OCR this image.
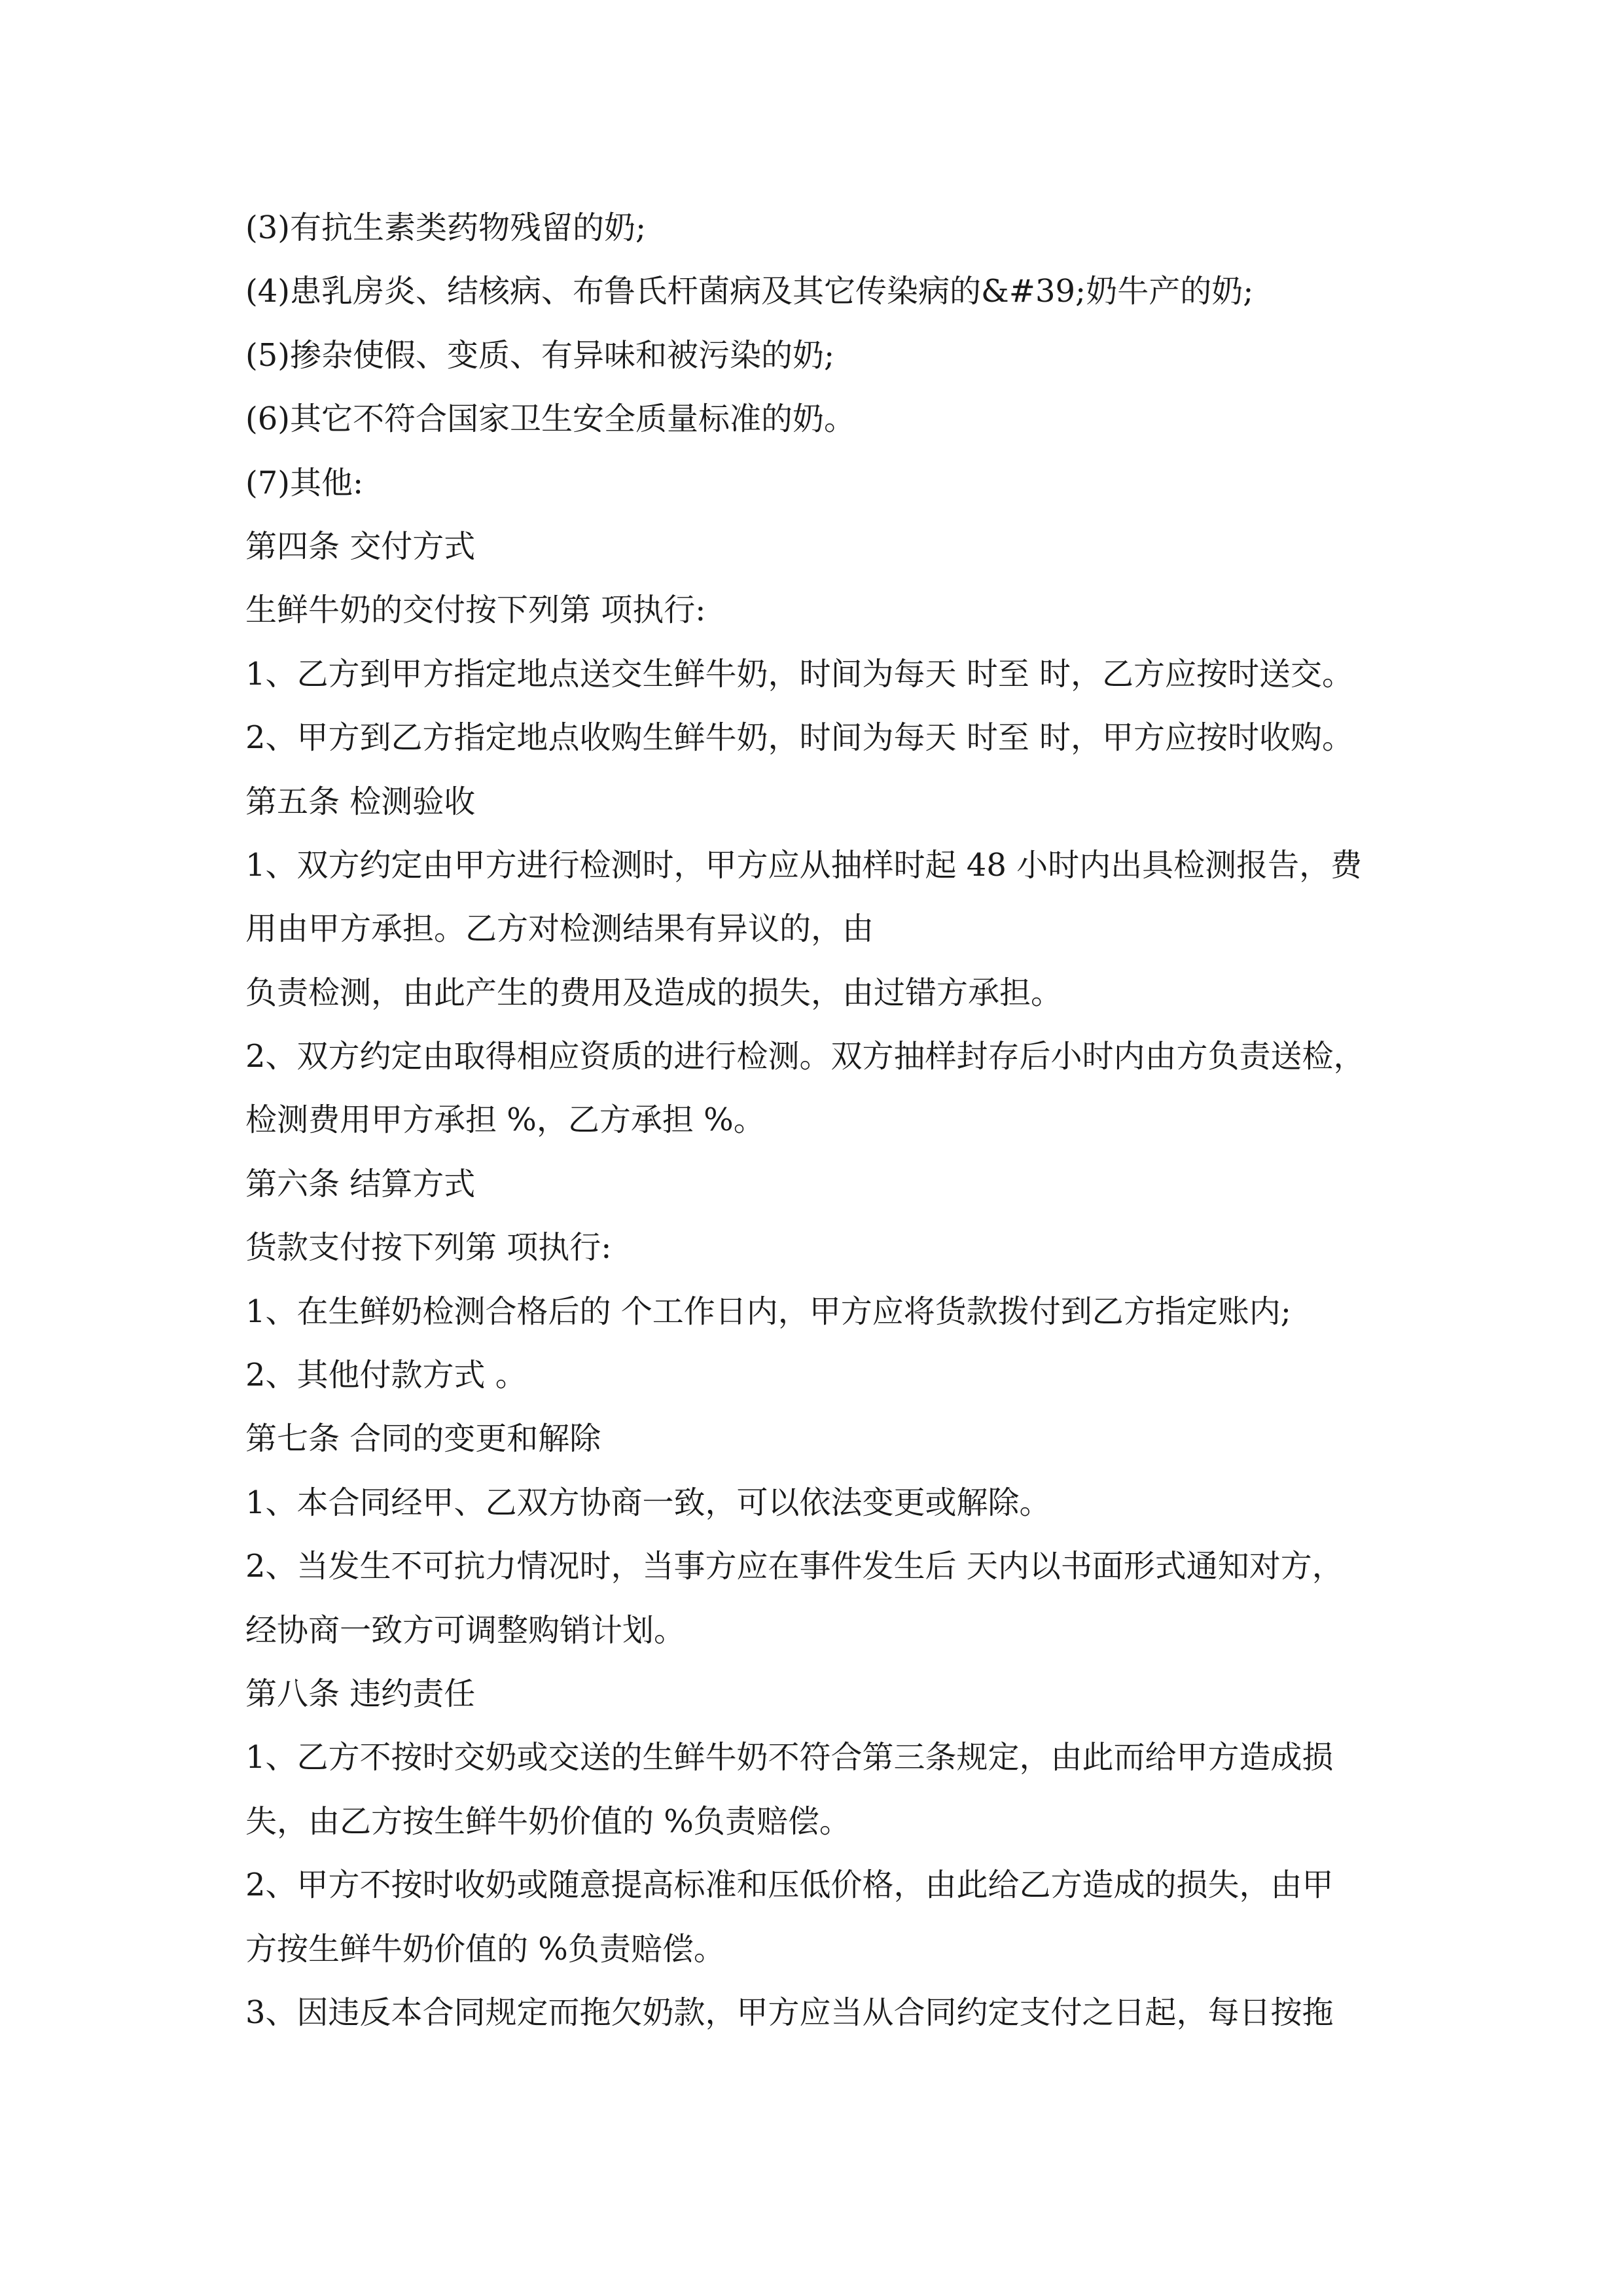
(3)有抗生素类药物残留的奶;
(4)患乳房炎、结核病、布鲁氏杆菌病及其它传染病的&#39;奶牛产的奶;
(5)掺杂使假、变质、有异味和被污染的奶;
(6)其它不符合国家卫生安全质量标准的奶。
(7)其他:
第四条 交付方式
生鲜牛奶的交付按下列第 项执行:
1、乙方到甲方指定地点送交生鲜牛奶，时间为每天 时至 时，乙方应按时送交。
2、甲方到乙方指定地点收购生鲜牛奶，时间为每天 时至 时，甲方应按时收购。
第五条 检测验收
1、双方约定由甲方进行检测时，甲方应从抽样时起 48 小时内出具检测报告，费
用由甲方承担。乙方对检测结果有异议的，由
负责检测，由此产生的费用及造成的损失，由过错方承担。
2、双方约定由取得相应资质的进行检测。双方抽样封存后小时内由方负责送检，
检测费用甲方承担 %，乙方承担 %。
第六条 结算方式
货款支付按下列第 项执行:
1、在生鲜奶检测合格后的 个工作日内，甲方应将货款拨付到乙方指定账内;
2、其他付款方式 。
第七条 合同的变更和解除
1、本合同经甲、乙双方协商一致，可以依法变更或解除。
2、当发生不可抗力情况时，当事方应在事件发生后 天内以书面形式通知对方，
经协商一致方可调整购销计划。
第八条 违约责任
1、乙方不按时交奶或交送的生鲜牛奶不符合第三条规定，由此而给甲方造成损
失，由乙方按生鲜牛奶价值的 %负责赔偿。
2、甲方不按时收奶或随意提高标准和压低价格，由此给乙方造成的损失，由甲
方按生鲜牛奶价值的 %负责赔偿。
3、因违反本合同规定而拖欠奶款，甲方应当从合同约定支付之日起，每日按拖
